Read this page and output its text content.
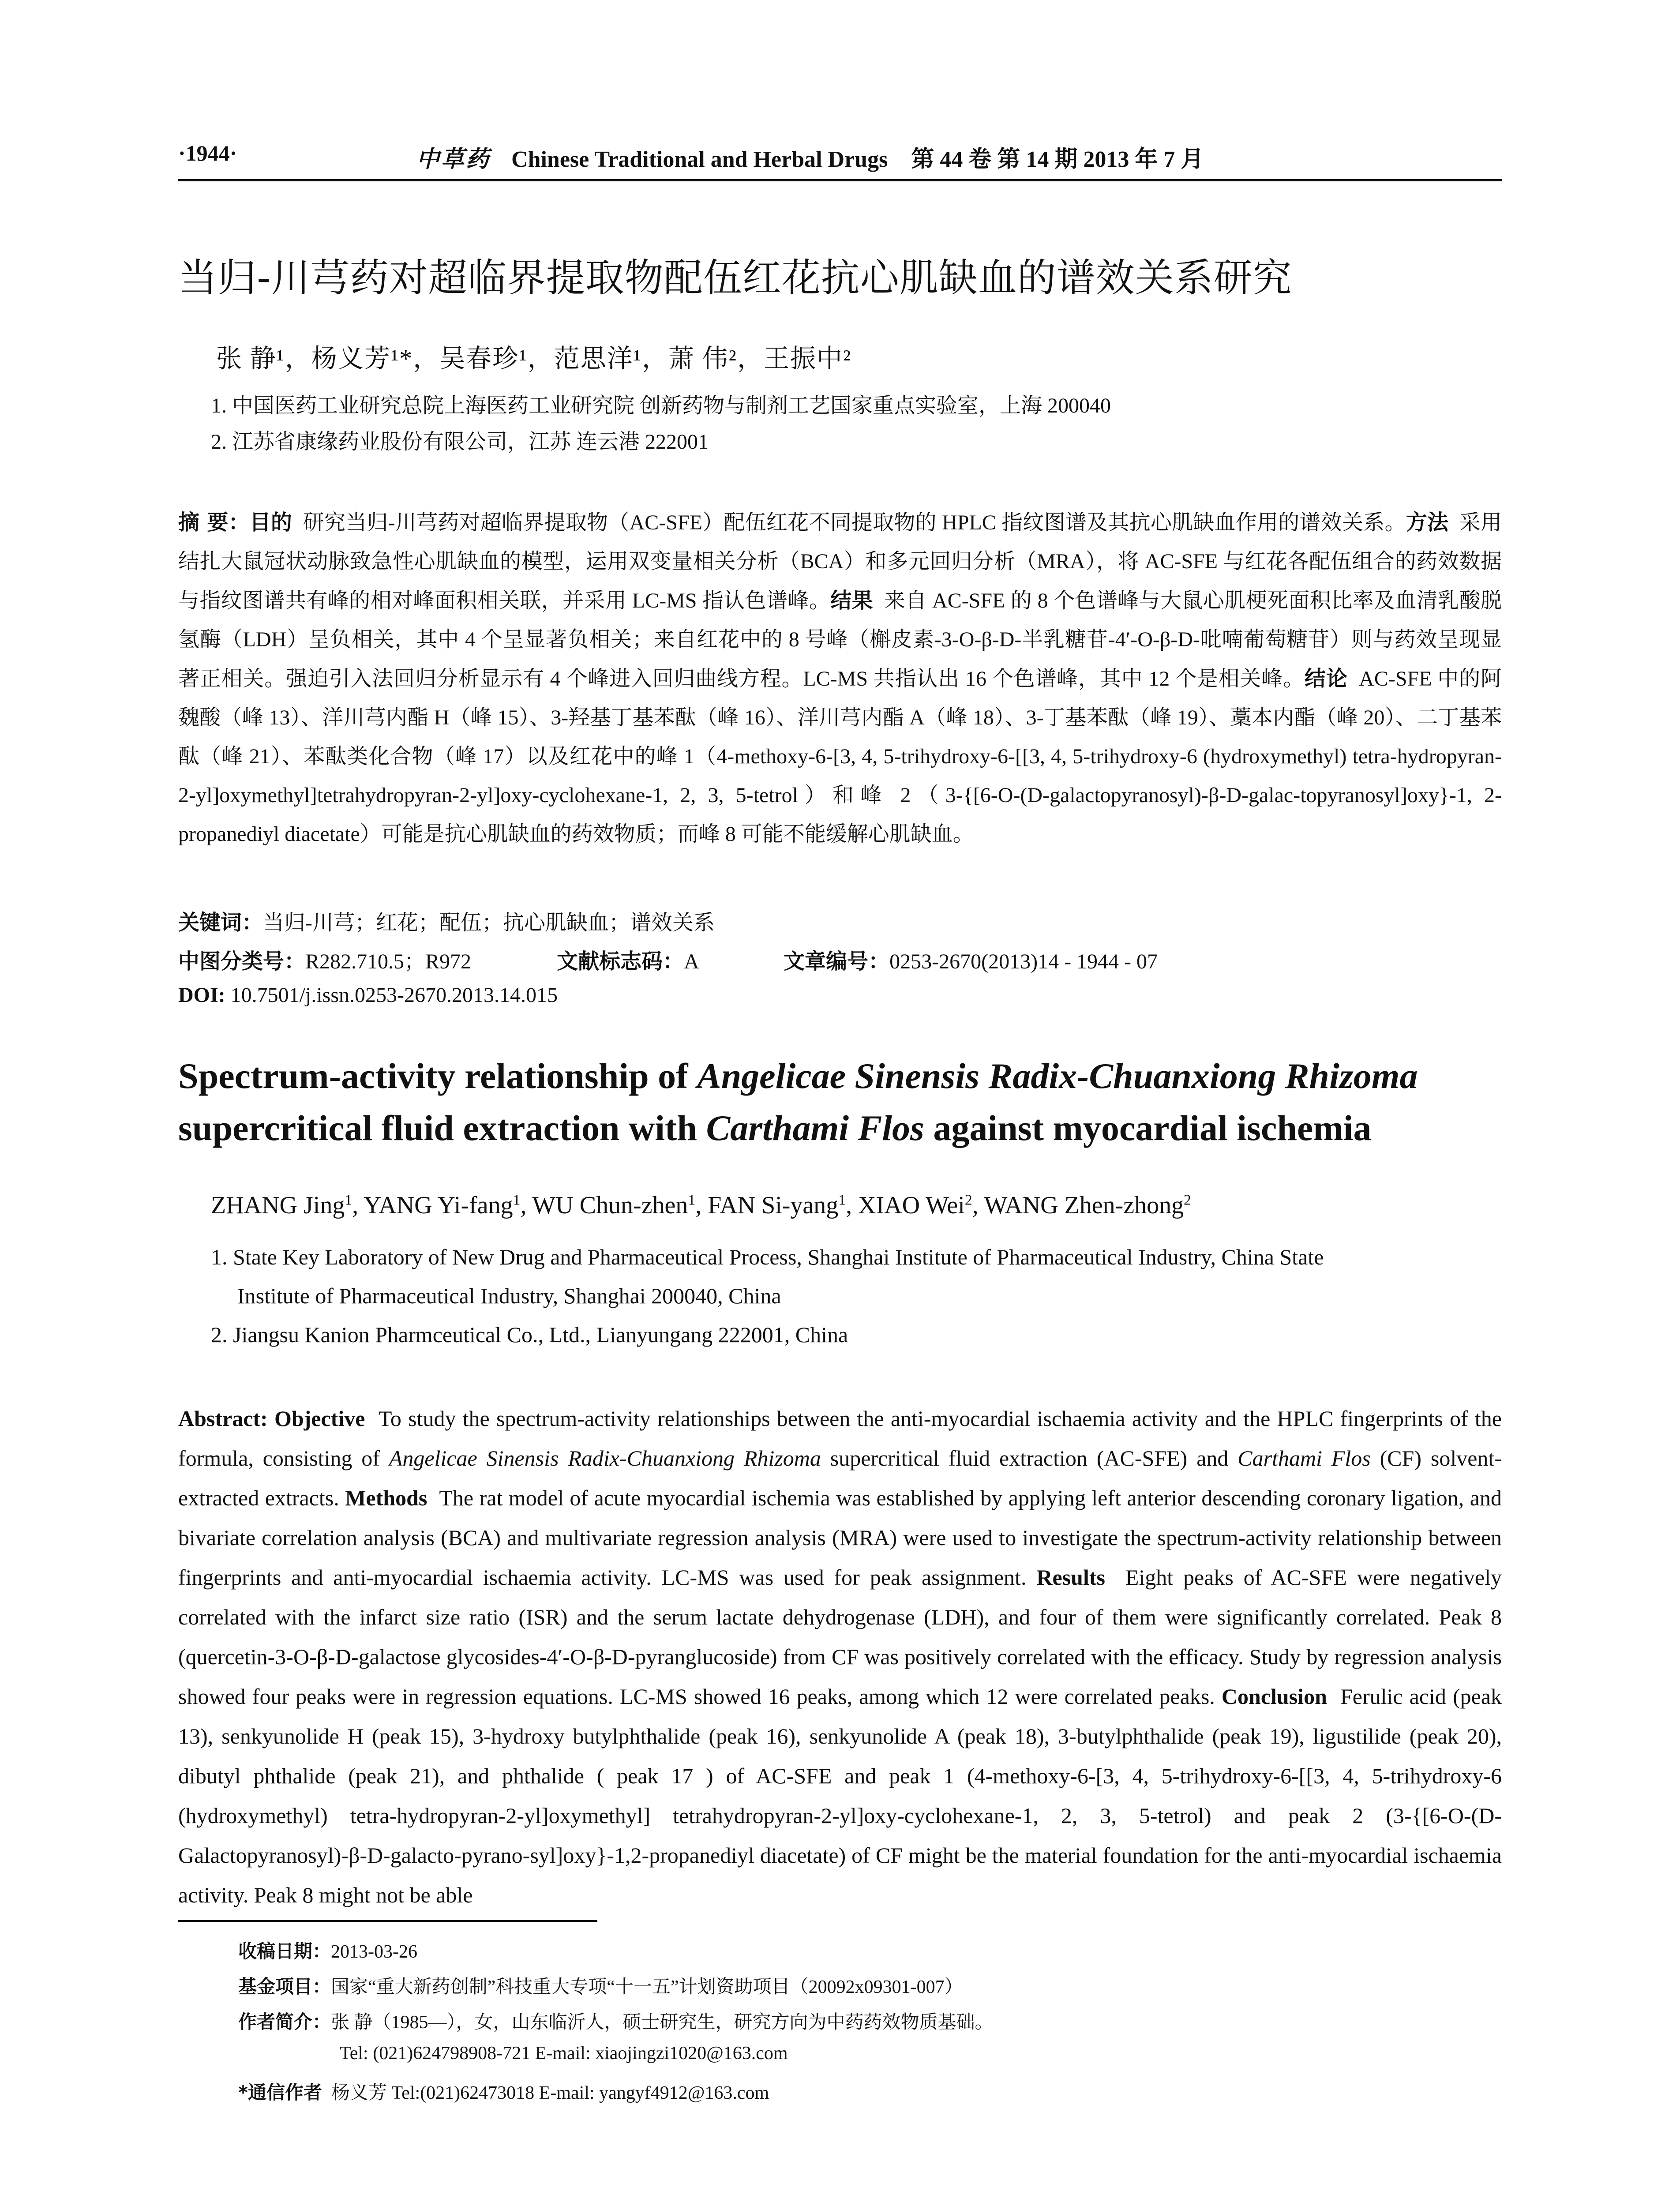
·1944·	中草药 Chinese Traditional and Herbal Drugs 第 44 卷 第 14 期 2013 年 7 月
当归-川芎药对超临界提取物配伍红花抗心肌缺血的谱效关系研究
张 静¹，杨义芳¹*，吴春珍¹，范思洋¹，萧 伟²，王振中²
1. 中国医药工业研究总院上海医药工业研究院 创新药物与制剂工艺国家重点实验室，上海 200040
2. 江苏省康缘药业股份有限公司，江苏 连云港 222001
摘 要：目的 研究当归-川芎药对超临界提取物（AC-SFE）配伍红花不同提取物的 HPLC 指纹图谱及其抗心肌缺血作用的谱效关系。方法 采用结扎大鼠冠状动脉致急性心肌缺血的模型，运用双变量相关分析（BCA）和多元回归分析（MRA），将 AC-SFE 与红花各配伍组合的药效数据与指纹图谱共有峰的相对峰面积相关联，并采用 LC-MS 指认色谱峰。结果 来自 AC-SFE 的 8 个色谱峰与大鼠心肌梗死面积比率及血清乳酸脱氢酶（LDH）呈负相关，其中 4 个呈显著负相关；来自红花中的 8 号峰（槲皮素-3-O-β-D-半乳糖苷-4′-O-β-D-吡喃葡萄糖苷）则与药效呈现显著正相关。强迫引入法回归分析显示有 4 个峰进入回归曲线方程。LC-MS 共指认出 16 个色谱峰，其中 12 个是相关峰。结论 AC-SFE 中的阿魏酸（峰 13）、洋川芎内酯 H（峰 15）、3-羟基丁基苯酞（峰 16）、洋川芎内酯 A（峰 18）、3-丁基苯酞（峰 19）、藁本内酯（峰 20）、二丁基苯酞（峰 21）、苯酞类化合物（峰 17）以及红花中的峰 1（4-methoxy-6-[3, 4, 5-trihydroxy-6-[[3, 4, 5-trihydroxy-6 (hydroxymethyl) tetra-hydropyran-2-yl]oxymethyl]tetrahydropyran-2-yl]oxy-cyclohexane-1, 2, 3, 5-tetrol）和峰 2（3-{[6-O-(D-galactopyranosyl)-β-D-galac-topyranosyl]oxy}-1, 2-propanediyl diacetate）可能是抗心肌缺血的药效物质；而峰 8 可能不能缓解心肌缺血。
关键词：当归-川芎；红花；配伍；抗心肌缺血；谱效关系
中图分类号：R282.710.5；R972	文献标志码：A	文章编号：0253-2670(2013)14 - 1944 - 07
DOI: 10.7501/j.issn.0253-2670.2013.14.015
Spectrum-activity relationship of Angelicae Sinensis Radix-Chuanxiong Rhizoma
supercritical fluid extraction with Carthami Flos against myocardial ischemia
ZHANG Jing$^1$, YANG Yi-fang$^1$, WU Chun-zhen$^1$, FAN Si-yang$^1$, XIAO Wei$^2$, WANG Zhen-zhong$^2$
1. State Key Laboratory of New Drug and Pharmaceutical Process, Shanghai Institute of Pharmaceutical Industry, China State
Institute of Pharmaceutical Industry, Shanghai 200040, China
2. Jiangsu Kanion Pharmceutical Co., Ltd., Lianyungang 222001, China
Abstract: Objective To study the spectrum-activity relationships between the anti-myocardial ischaemia activity and the HPLC fingerprints of the formula, consisting of Angelicae Sinensis Radix-Chuanxiong Rhizoma supercritical fluid extraction (AC-SFE) and Carthami Flos (CF) solvent-extracted extracts. Methods The rat model of acute myocardial ischemia was established by applying left anterior descending coronary ligation, and bivariate correlation analysis (BCA) and multivariate regression analysis (MRA) were used to investigate the spectrum-activity relationship between fingerprints and anti-myocardial ischaemia activity. LC-MS was used for peak assignment. Results Eight peaks of AC-SFE were negatively correlated with the infarct size ratio (ISR) and the serum lactate dehydrogenase (LDH), and four of them were significantly correlated. Peak 8 (quercetin-3-O-β-D-galactose glycosides-4′-O-β-D-pyranglucoside) from CF was positively correlated with the efficacy. Study by regression analysis showed four peaks were in regression equations. LC-MS showed 16 peaks, among which 12 were correlated peaks. Conclusion Ferulic acid (peak 13), senkyunolide H (peak 15), 3-hydroxy butylphthalide (peak 16), senkyunolide A (peak 18), 3-butylphthalide (peak 19), ligustilide (peak 20), dibutyl phthalide (peak 21), and phthalide ( peak 17 ) of AC-SFE and peak 1 (4-methoxy-6-[3, 4, 5-trihydroxy-6-[[3, 4, 5-trihydroxy-6 (hydroxymethyl) tetra-hydropyran-2-yl]oxymethyl] tetrahydropyran-2-yl]oxy-cyclohexane-1, 2, 3, 5-tetrol) and peak 2 (3-{[6-O-(D-Galactopyranosyl)-β-D-galacto-pyrano-syl]oxy}-1,2-propanediyl diacetate) of CF might be the material foundation for the anti-myocardial ischaemia activity. Peak 8 might not be able
收稿日期：2013-03-26
基金项目：国家“重大新药创制”科技重大专项“十一五”计划资助项目（20092x09301-007）
作者简介：张 静（1985—），女，山东临沂人，硕士研究生，研究方向为中药药效物质基础。
Tel: (021)624798908-721 E-mail: xiaojingzi1020@163.com
*通信作者 杨义芳 Tel:(021)62473018 E-mail: yangyf4912@163.com
